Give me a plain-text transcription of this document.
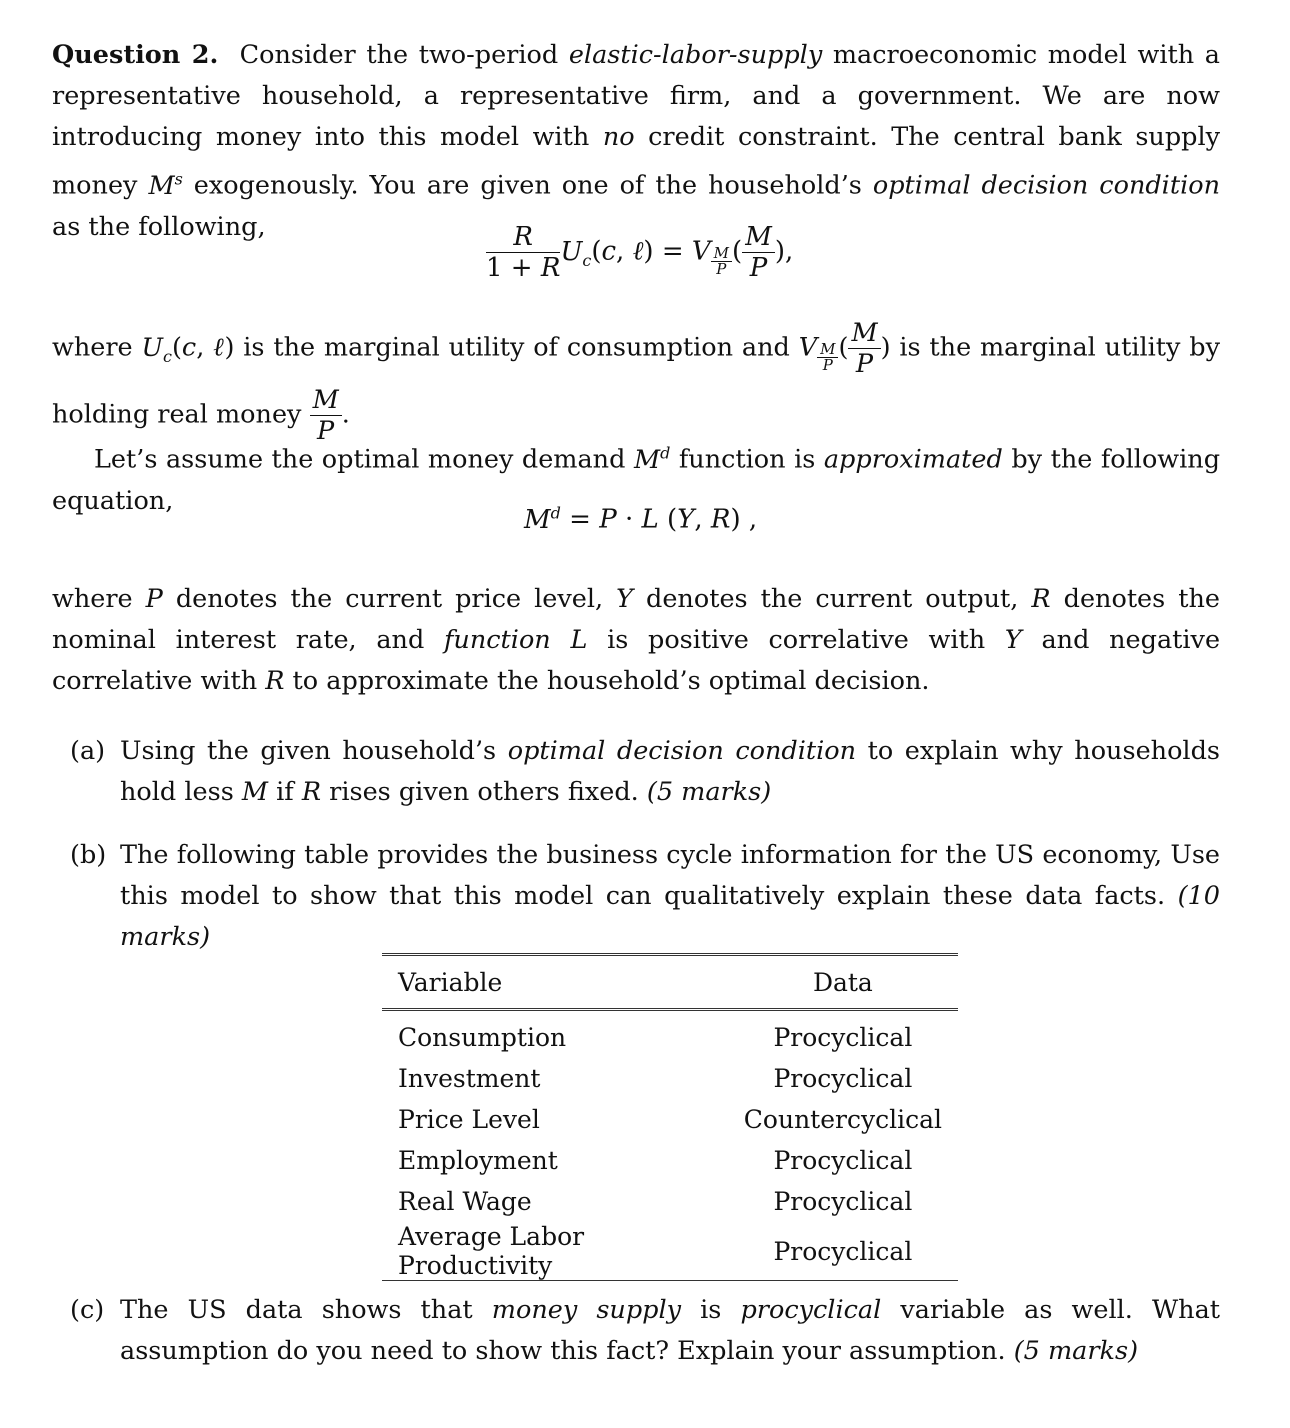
Question 2. Consider the two-period elastic-labor-supply macroeconomic model with a representative household, a representative firm, and a government. We are now introducing money into this model with no credit constraint. The central bank supply money $M^s$ exogenously. You are given one of the household’s optimal decision condition as the following,	$\frac{R}{1 + R} U_c(c$, ℓ) = V $_{\frac{M}{P}}$ ( $\frac{M}{P}$ ),
where $U_c(c$, ℓ) is the marginal utility of consumption and V $_{\frac{M}{P}}$ ( $\frac{M}{P}$ ) is the marginal utility by holding real money $\frac{M}{P}$ .
Let’s assume the optimal money demand $M^d$ function is approximated by the following equation,
$M^d = P \cdot L$ (Y, R) ,
where P denotes the current price level, Y denotes the current output, R denotes the nominal interest rate, and function L is positive correlative with Y and negative correlative with R to approximate the household’s optimal decision.
(a) Using the given household’s optimal decision condition to explain why households hold less M if R rises given others fixed. (5 marks)
(b) The following table provides the business cycle information for the US economy, Use this model to show that this model can qualitatively explain these data facts. (10 marks)
Variable	Data
Consumption	Procyclical
Investment	Procyclical
Price Level	Countercyclical
Employment	Procyclical
Real Wage	Procyclical
Average Labor Productivity	Procyclical
(c) The US data shows that money supply is procyclical variable as well. What assumption do you need to show this fact? Explain your assumption. (5 marks)
